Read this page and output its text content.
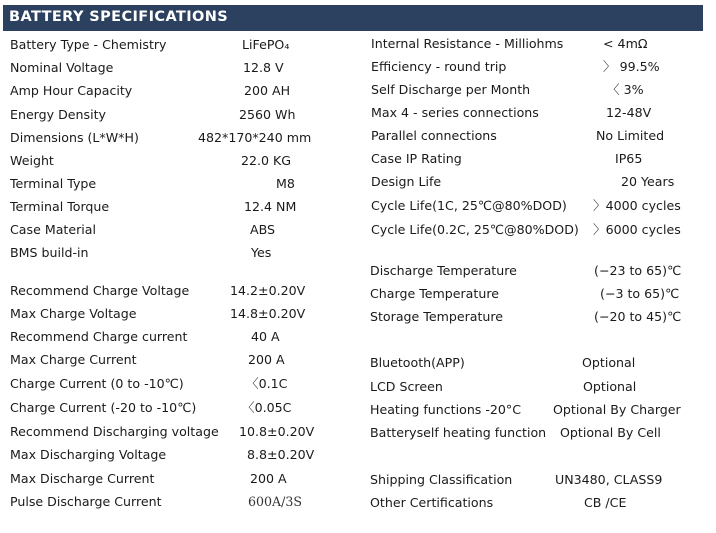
BATTERY SPECIFICATIONS
Battery Type - Chemistry	LiFePO₄
Nominal Voltage	12.8 V
Amp Hour Capacity	200 AH
Energy Density	2560 Wh
Dimensions (L*W*H)	482*170*240 mm
Weight	22.0 KG
Terminal Type	M8
Terminal Torque	12.4 NM
Case Material	ABS
BMS build-in	Yes
Recommend Charge Voltage	14.2±0.20V
Max Charge Voltage	14.8±0.20V
Recommend Charge current	40 A
Max Charge Current	200 A
Charge Current (0 to -10℃)	〈0.1C
Charge Current (-20 to -10℃)	〈0.05C
Recommend Discharging voltage 10.8±0.20V
Max Discharging Voltage	8.8±0.20V
Max Discharge Current	200 A
Pulse Discharge Current	600A/3S
Internal Resistance - Milliohms	< 4mΩ
Efficiency - round trip	〉 99.5%
Self Discharge per Month	〈 3%
Max 4 - series connections	12-48V
Parallel connections	No Limited
Case IP Rating	IP65
Design Life	20 Years
Cycle Life(1C, 25℃@80%DOD) 〉4000 cycles
Cycle Life(0.2C, 25℃@80%DOD) 〉6000 cycles
Discharge Temperature	(−23 to 65)℃
Charge Temperature	(−3 to 65)℃
Storage Temperature	(−20 to 45)℃
Bluetooth(APP)	Optional
LCD Screen	Optional
Heating functions -20°C	Optional By Charger
Batteryself heating function Optional By Cell
Shipping Classification	UN3480, CLASS9
Other Certifications	CB /CE
